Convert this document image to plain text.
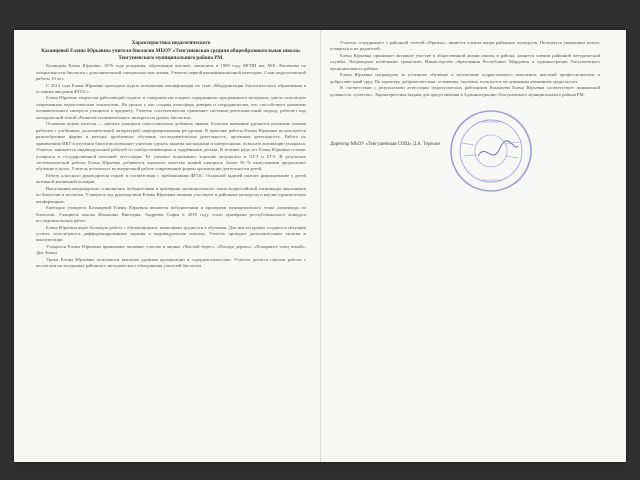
Характеристика педагогического
Казанцевой Елены Юрьевны учителя биологии МБОУ «Тенгушевская средняя общеобразовательная школа» Тенгушевского муниципального района РМ.

Казанцева Елена Юрьевна, 1976 года рождения, образование высшее, закончила в 1998 году МГПИ им. М.Е. Евсевьева по специальности биология с дополнительной специальностью химия. Учитель первой квалификационной категории. Стаж педагогической работы 19 лет.

С 2014 года Елена Юрьевна проходила курсы повышения квалификации по теме «Модернизация биологического образования в условиях введения ФГОС».

Елена Юрьевна творчески работающий педагог, в совершенстве владеет содержанием программного материала, умело использует современные педагогические технологии. На уроках у нее создана атмосфера доверия и сотрудничества, что способствует развитию познавательного интереса учащихся к предмету. Учитель систематически применяет системно-деятельностный подход, работает над методической темой «Развитие познавательного интереса на уроках биологии».

Основная задача учителя — научить учащихся самостоятельно добывать знания. Большое внимание уделяется развитию умения работать с учебником, дополнительной литературой, информационными ресурсами. В практике работы Елены Юрьевны используются разнообразные формы и методы: проблемное обучение, исследовательская деятельность, проектная деятельность. Работа по применению ИКТ в изучении биологии позволяет учителю сделать занятия наглядными и интересными, повысить мотивацию учащихся. Учитель занимается индивидуальной работой со слабоуспевающими и одарёнными детьми. В течение ряда лет Елена Юрьевна готовит учащихся к государственной итоговой аттестации. Её ученики показывают хорошие результаты в ОГЭ и ЕГЭ. В результате систематической работы Елена Юрьевна добивается хорошего качества знаний учащихся. Более 50 % выпускников продолжают обучение в вузах. Учитель использует во внеурочной работе современные формы организации деятельности детей.

Работу классного руководителя строит в соответствии с требованиями ФГОС. Основной задачей считает формирование у детей активной жизненной позиции.

Выпускники неоднократно становились победителями и призёрами муниципального этапа всероссийской олимпиады школьников по биологии и экологии. Учащиеся под руководством Елены Юрьевны активно участвуют в районных конкурсах и научно-практических конференциях.

Ежегодно учащиеся Казанцевой Елены Юрьевны являются победителями и призёрами муниципального этапа олимпиады по биологии. Учащиеся школы Ивашкина Виктория, Андреева Софья в 2016 году стали призёрами республиканского конкурса исследовательских работ.

Елена Юрьевна ведёт большую работу с обучающимися, имеющими трудности в обучении. Для них на уроках создаются ситуации успеха, используются дифференцированные задания и индивидуальная помощь. Учитель проводит дополнительные занятия и консультации.

Учащиеся Елены Юрьевны принимают активное участие в акциях «Чистый берег», «Посади дерево», «Покормите птиц зимой», Дне Земли.

Уроки Елены Юрьевны отличаются высоким уровнем организации и содержательностью. Учитель делится опытом работы с коллегами на заседаниях районного методического объединения учителей биологии.

Учитель сотрудничает с районной газетой «Призыв», является членом жюри районных конкурсов. Пользуется уважением коллег, учащихся и их родителей.

Елена Юрьевна принимает активное участие в общественной жизни школы и района, является членом районной методической службы. Награждена почётными грамотами Министерства образования Республики Мордовия и администрации Тенгушевского муниципального района.

Елена Юрьевна награждена за успешное обучение и воспитание подрастающего поколения, высокий профессионализм и добросовестный труд. По характеру доброжелательна, отзывчива, тактична, пользуется заслуженным уважением среди коллег.

В соответствии с результатами аттестации педагогических работников Казанцева Елена Юрьевна соответствует занимаемой должности «учитель». Характеристика выдана для представления в Администрацию Тенгушевского муниципального района РМ.

Директор МБОУ «Тенгушевская СОШ» Д.А. Терехин
